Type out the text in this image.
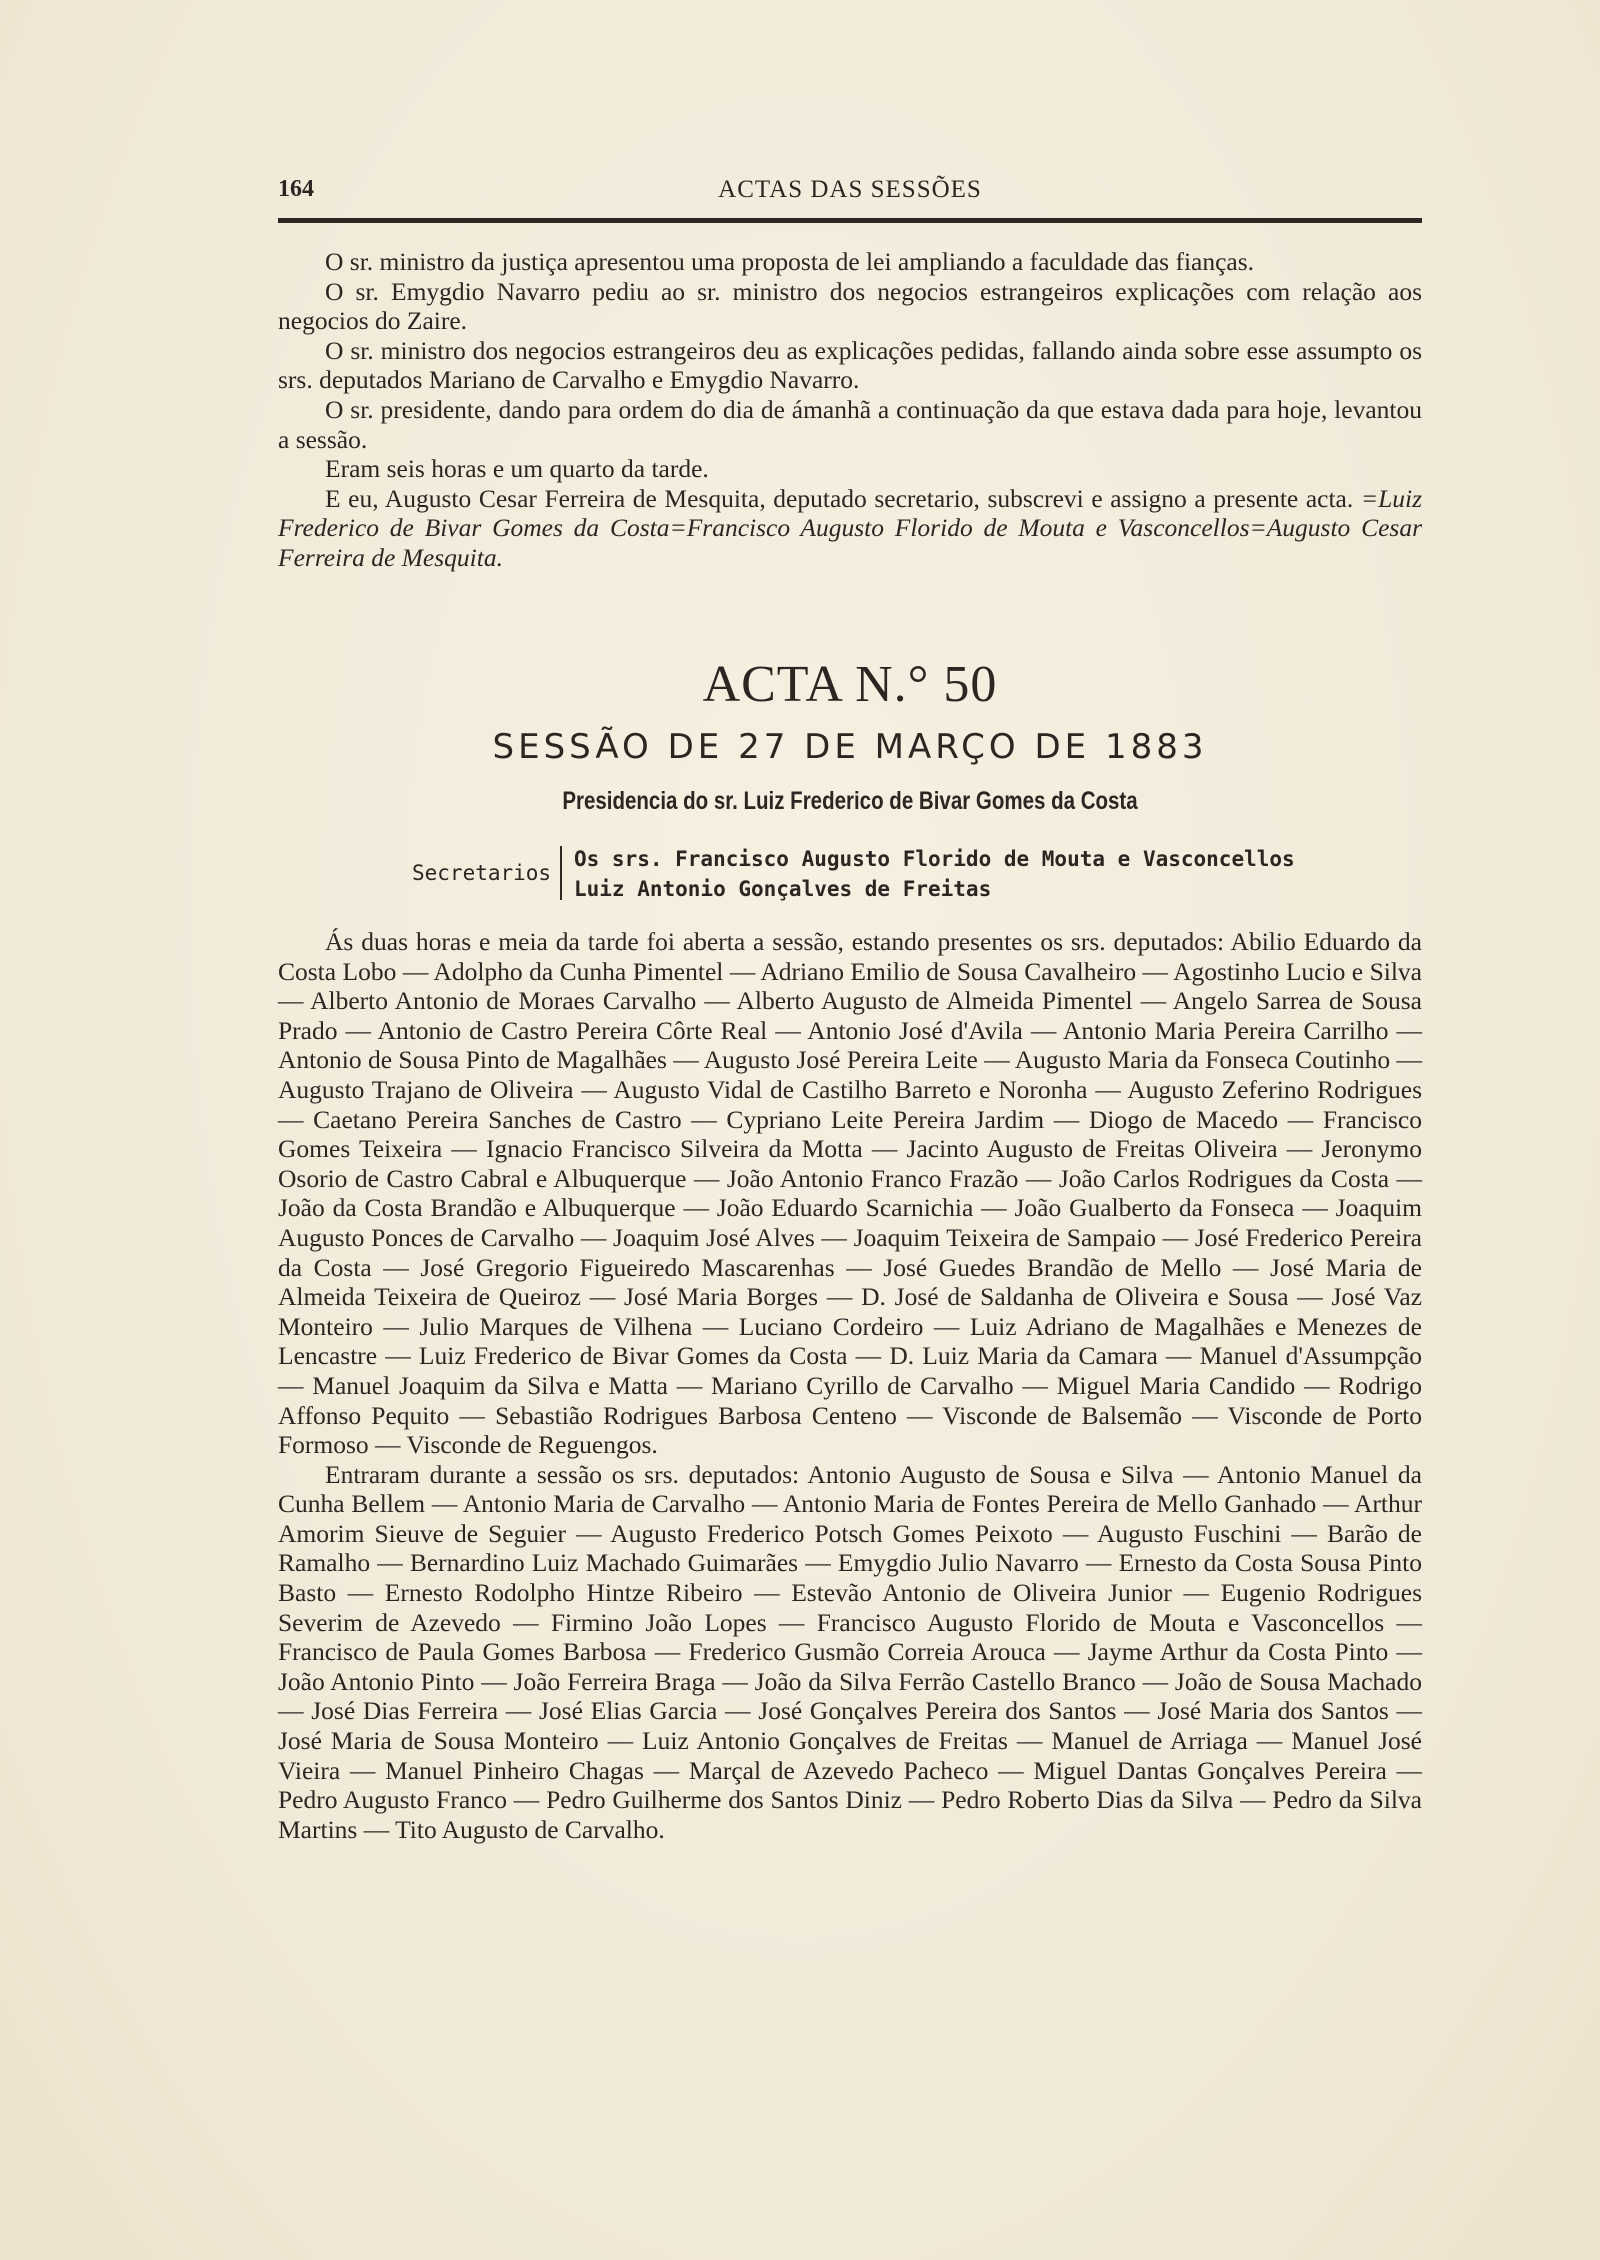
164	ACTAS DAS SESSÕES

O sr. ministro da justiça apresentou uma proposta de lei ampliando a faculdade das fianças.

O sr. Emygdio Navarro pediu ao sr. ministro dos negocios estrangeiros explicações com relação aos negocios do Zaire.

O sr. ministro dos negocios estrangeiros deu as explicações pedidas, fallando ainda sobre esse assumpto os srs. deputados Mariano de Carvalho e Emygdio Navarro.

O sr. presidente, dando para ordem do dia de ámanhã a continuação da que estava dada para hoje, levantou a sessão.

Eram seis horas e um quarto da tarde.

E eu, Augusto Cesar Ferreira de Mesquita, deputado secretario, subscrevi e assigno a presente acta. =Luiz Frederico de Bivar Gomes da Costa=Francisco Augusto Florido de Mouta e Vasconcellos=Augusto Cesar Ferreira de Mesquita.

ACTA N.° 50
SESSÃO DE 27 DE MARÇO DE 1883
Presidencia do sr. Luiz Frederico de Bivar Gomes da Costa
Secretarios
Os srs. Francisco Augusto Florido de Mouta e Vasconcellos
Luiz Antonio Gonçalves de Freitas

Ás duas horas e meia da tarde foi aberta a sessão, estando presentes os srs. deputados: Abilio Eduardo da Costa Lobo — Adolpho da Cunha Pimentel — Adriano Emilio de Sousa Cavalheiro — Agostinho Lucio e Silva — Alberto Antonio de Moraes Carvalho — Alberto Augusto de Almeida Pimentel — Angelo Sarrea de Sousa Prado — Antonio de Castro Pereira Côrte Real — Antonio José d'Avila — Antonio Maria Pereira Carrilho — Antonio de Sousa Pinto de Magalhães — Augusto José Pereira Leite — Augusto Maria da Fonseca Coutinho — Augusto Trajano de Oliveira — Augusto Vidal de Castilho Barreto e Noronha — Augusto Zeferino Rodrigues — Caetano Pereira Sanches de Castro — Cypriano Leite Pereira Jardim — Diogo de Macedo — Francisco Gomes Teixeira — Ignacio Francisco Silveira da Motta — Jacinto Augusto de Freitas Oliveira — Jeronymo Osorio de Castro Cabral e Albuquerque — João Antonio Franco Frazão — João Carlos Rodrigues da Costa — João da Costa Brandão e Albuquerque — João Eduardo Scarnichia — João Gualberto da Fonseca — Joaquim Augusto Ponces de Carvalho — Joaquim José Alves — Joaquim Teixeira de Sampaio — José Frederico Pereira da Costa — José Gregorio Figueiredo Mascarenhas — José Guedes Brandão de Mello — José Maria de Almeida Teixeira de Queiroz — José Maria Borges — D. José de Saldanha de Oliveira e Sousa — José Vaz Monteiro — Julio Marques de Vilhena — Luciano Cordeiro — Luiz Adriano de Magalhães e Menezes de Lencastre — Luiz Frederico de Bivar Gomes da Costa — D. Luiz Maria da Camara — Manuel d'Assumpção — Manuel Joaquim da Silva e Matta — Mariano Cyrillo de Carvalho — Miguel Maria Candido — Rodrigo Affonso Pequito — Sebastião Rodrigues Barbosa Centeno — Visconde de Balsemão — Visconde de Porto Formoso — Visconde de Reguengos.

Entraram durante a sessão os srs. deputados: Antonio Augusto de Sousa e Silva — Antonio Manuel da Cunha Bellem — Antonio Maria de Carvalho — Antonio Maria de Fontes Pereira de Mello Ganhado — Arthur Amorim Sieuve de Seguier — Augusto Frederico Potsch Gomes Peixoto — Augusto Fuschini — Barão de Ramalho — Bernardino Luiz Machado Guimarães — Emygdio Julio Navarro — Ernesto da Costa Sousa Pinto Basto — Ernesto Rodolpho Hintze Ribeiro — Estevão Antonio de Oliveira Junior — Eugenio Rodrigues Severim de Azevedo — Firmino João Lopes — Francisco Augusto Florido de Mouta e Vasconcellos — Francisco de Paula Gomes Barbosa — Frederico Gusmão Correia Arouca — Jayme Arthur da Costa Pinto — João Antonio Pinto — João Ferreira Braga — João da Silva Ferrão Castello Branco — João de Sousa Machado — José Dias Ferreira — José Elias Garcia — José Gonçalves Pereira dos Santos — José Maria dos Santos — José Maria de Sousa Monteiro — Luiz Antonio Gonçalves de Freitas — Manuel de Arriaga — Manuel José Vieira — Manuel Pinheiro Chagas — Marçal de Azevedo Pacheco — Miguel Dantas Gonçalves Pereira — Pedro Augusto Franco — Pedro Guilherme dos Santos Diniz — Pedro Roberto Dias da Silva — Pedro da Silva Martins — Tito Augusto de Carvalho.
